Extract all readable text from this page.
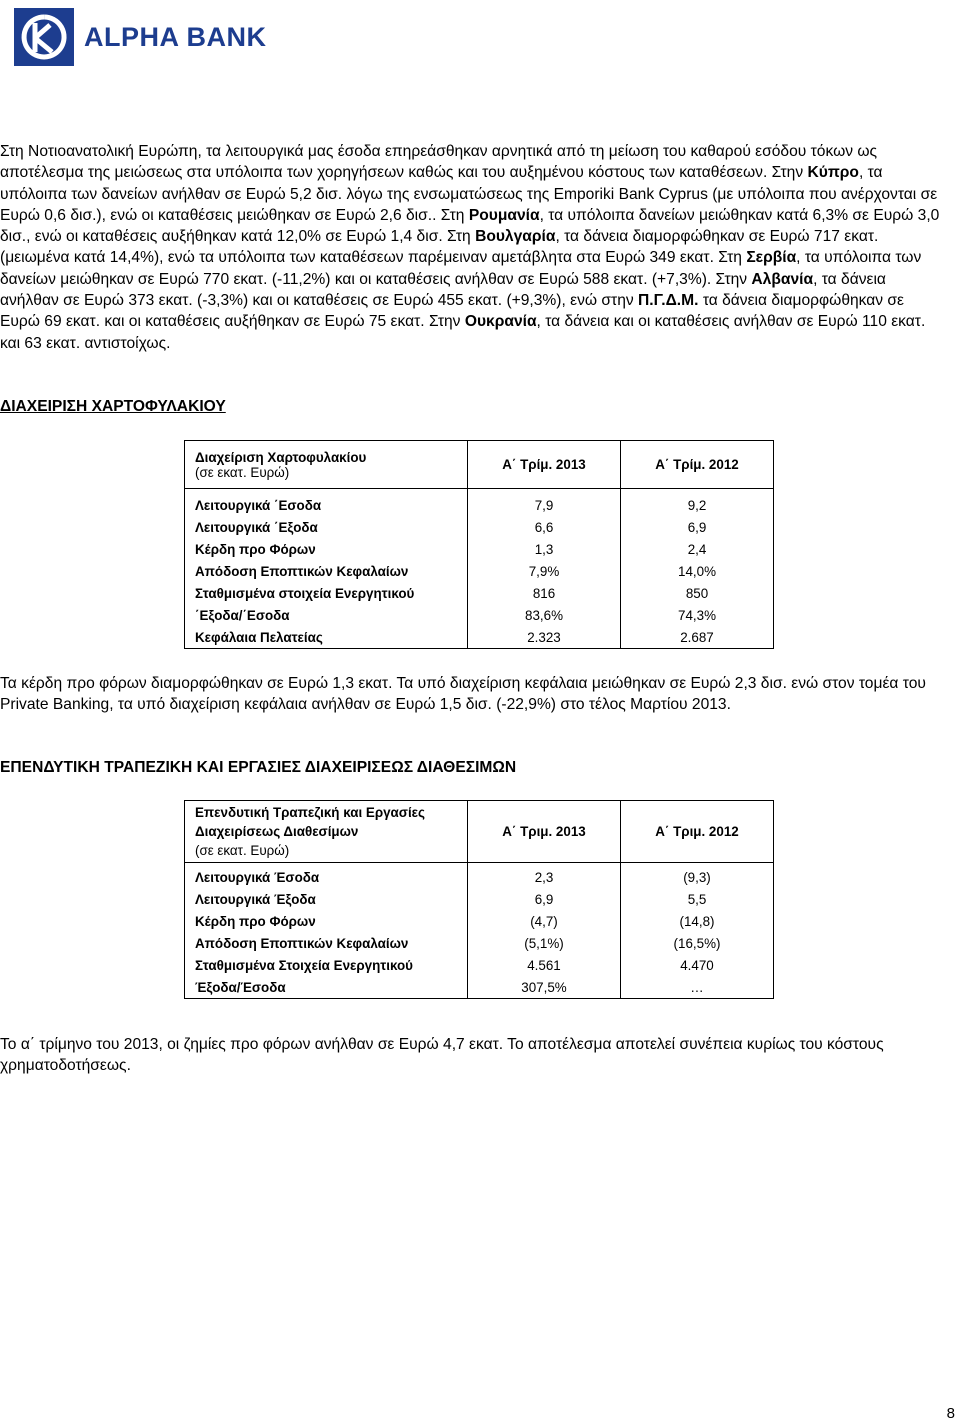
ALPHA BANK

Στη Νοτιοανατολική Ευρώπη, τα λειτουργικά μας έσοδα επηρεάσθηκαν αρνητικά από τη μείωση του καθαρού εσόδου τόκων ως αποτέλεσμα της μειώσεως στα υπόλοιπα των χορηγήσεων καθώς και του αυξημένου κόστους των καταθέσεων. Στην Κύπρο, τα υπόλοιπα των δανείων ανήλθαν σε Ευρώ 5,2 δισ. λόγω της ενσωματώσεως της Emporiki Bank Cyprus (με υπόλοιπα που ανέρχονται σε Ευρώ 0,6 δισ.), ενώ οι καταθέσεις μειώθηκαν σε Ευρώ 2,6 δισ.. Στη Ρουμανία, τα υπόλοιπα δανείων μειώθηκαν κατά 6,3% σε Ευρώ 3,0 δισ., ενώ οι καταθέσεις αυξήθηκαν κατά 12,0% σε Ευρώ 1,4 δισ. Στη Βουλγαρία, τα δάνεια διαμορφώθηκαν σε Ευρώ 717 εκατ. (μειωμένα κατά 14,4%), ενώ τα υπόλοιπα των καταθέσεων παρέμειναν αμετάβλητα στα Ευρώ 349 εκατ. Στη Σερβία, τα υπόλοιπα των δανείων μειώθηκαν σε Ευρώ 770 εκατ. (-11,2%) και οι καταθέσεις ανήλθαν σε Ευρώ 588 εκατ. (+7,3%). Στην Αλβανία, τα δάνεια ανήλθαν σε Ευρώ 373 εκατ. (-3,3%) και οι καταθέσεις σε Ευρώ 455 εκατ. (+9,3%), ενώ στην Π.Γ.Δ.Μ. τα δάνεια διαμορφώθηκαν σε Ευρώ 69 εκατ. και οι καταθέσεις αυξήθηκαν σε Ευρώ 75 εκατ. Στην Ουκρανία, τα δάνεια και οι καταθέσεις ανήλθαν σε Ευρώ 110 εκατ. και 63 εκατ. αντιστοίχως.

ΔΙΑΧΕΙΡΙΣΗ ΧΑΡΤΟΦΥΛΑΚΙΟΥ

Διαχείριση Χαρτοφυλακίου
(σε εκατ. Ευρώ)	Α΄ Τρίμ. 2013	Α΄ Τρίμ. 2012

Λειτουργικά ΄Εσοδα	7,9	9,2
Λειτουργικά ΄Εξοδα	6,6	6,9
Κέρδη προ Φόρων	1,3	2,4
Απόδοση Εποπτικών Κεφαλαίων	7,9%	14,0%
Σταθμισμένα στοιχεία Ενεργητικού	816	850
΄Εξοδα/΄Εσοδα	83,6%	74,3%
Κεφάλαια Πελατείας	2.323	2.687

Τα κέρδη προ φόρων διαμορφώθηκαν σε Ευρώ 1,3 εκατ. Τα υπό διαχείριση κεφάλαια μειώθηκαν σε Ευρώ 2,3 δισ. ενώ στον τομέα του Private Banking, τα υπό διαχείριση κεφάλαια ανήλθαν σε Ευρώ 1,5 δισ. (-22,9%) στο τέλος Μαρτίου 2013.

ΕΠΕΝΔΥΤΙΚΗ ΤΡΑΠΕΖΙΚΗ ΚΑΙ ΕΡΓΑΣΙΕΣ ΔΙΑΧΕΙΡΙΣΕΩΣ ΔΙΑΘΕΣΙΜΩΝ

Επενδυτική Τραπεζική και Εργασίες
Διαχειρίσεως Διαθεσίμων
(σε εκατ. Ευρώ)	Α΄ Τριμ. 2013	Α΄ Τριμ. 2012

Λειτουργικά Έσοδα	2,3	(9,3)
Λειτουργικά Έξοδα	6,9	5,5
Κέρδη προ Φόρων	(4,7)	(14,8)
Απόδοση Εποπτικών Κεφαλαίων	(5,1%)	(16,5%)
Σταθμισμένα Στοιχεία Ενεργητικού	4.561	4.470
Έξοδα/Έσοδα	307,5%	…

Το α΄ τρίμηνο του 2013, οι ζημίες προ φόρων ανήλθαν σε Ευρώ 4,7 εκατ. Το αποτέλεσμα αποτελεί συνέπεια κυρίως του κόστους χρηματοδοτήσεως.

8
